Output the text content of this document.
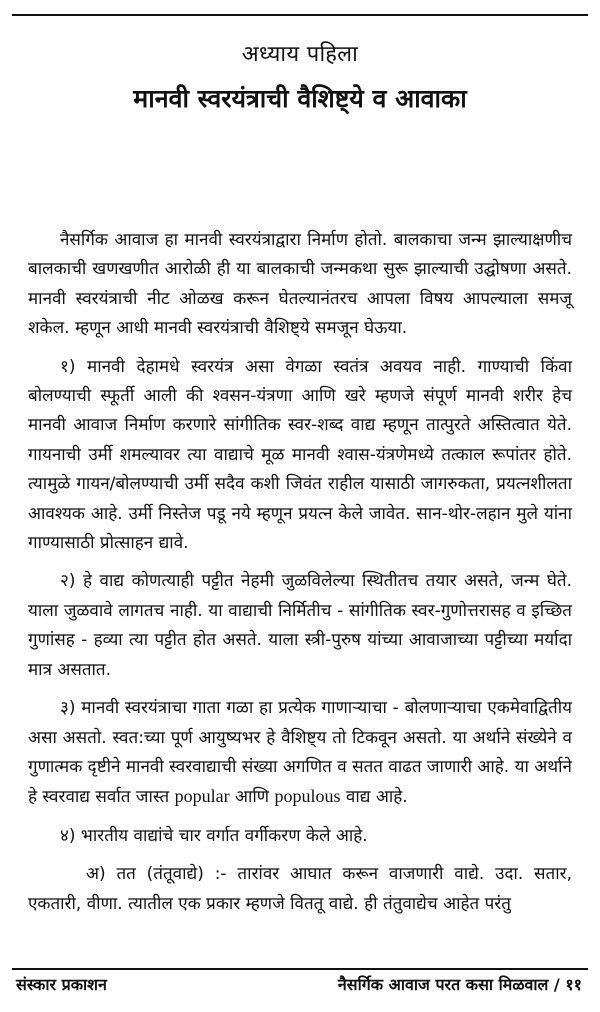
अध्याय पहिला
मानवी स्वरयंत्राची वैशिष्ट्ये व आवाका

नैसर्गिक आवाज हा मानवी स्वरयंत्राद्वारा निर्माण होतो. बालकाचा जन्म झाल्याक्षणीच बालकाची खणखणीत आरोळी ही या बालकाची जन्मकथा सुरू झाल्याची उद्घोषणा असते. मानवी स्वरयंत्राची नीट ओळख करून घेतल्यानंतरच आपला विषय आपल्याला समजू शकेल. म्हणून आधी मानवी स्वरयंत्राची वैशिष्ट्ये समजून घेऊया.

१) मानवी देहामधे स्वरयंत्र असा वेगळा स्वतंत्र अवयव नाही. गाण्याची किंवा बोलण्याची स्फूर्ती आली की श्वसन-यंत्रणा आणि खरे म्हणजे संपूर्ण मानवी शरीर हेच मानवी आवाज निर्माण करणारे सांगीतिक स्वर-शब्द वाद्य म्हणून तात्पुरते अस्तित्वात येते. गायनाची उर्मी शमल्यावर त्या वाद्याचे मूळ मानवी श्वास-यंत्रणेमध्ये तत्काल रूपांतर होते. त्यामुळे गायन/बोलण्याची उर्मी सदैव कशी जिवंत राहील यासाठी जागरुकता, प्रयत्नशीलता आवश्यक आहे. उर्मी निस्तेज पडू नये म्हणून प्रयत्न केले जावेत. सान-थोर-लहान मुले यांना गाण्यासाठी प्रोत्साहन द्यावे.

२) हे वाद्य कोणत्याही पट्टीत नेहमी जुळविलेल्या स्थितीतच तयार असते, जन्म घेते. याला जुळवावे लागतच नाही. या वाद्याची निर्मितीच - सांगीतिक स्वर-गुणोत्तरासह व इच्छित गुणांसह - हव्या त्या पट्टीत होत असते. याला स्त्री-पुरुष यांच्या आवाजाच्या पट्टीच्या मर्यादा मात्र असतात.

३) मानवी स्वरयंत्राचा गाता गळा हा प्रत्येक गाणाऱ्याचा - बोलणाऱ्याचा एकमेवाद्वितीय असा असतो. स्वत:च्या पूर्ण आयुष्यभर हे वैशिष्ट्य तो टिकवून असतो. या अर्थाने संख्येने व गुणात्मक दृष्टीने मानवी स्वरवाद्याची संख्या अगणित व सतत वाढत जाणारी आहे. या अर्थाने हे स्वरवाद्य सर्वात जास्त popular आणि populous वाद्य आहे.

४) भारतीय वाद्यांचे चार वर्गात वर्गीकरण केले आहे.

अ) तत (तंतूवाद्ये) :- तारांवर आघात करून वाजणारी वाद्ये. उदा. सतार, एकतारी, वीणा. त्यातील एक प्रकार म्हणजे विततू वाद्ये. ही तंतुवाद्येच आहेत परंतु

संस्कार प्रकाशन	नैसर्गिक आवाज परत कसा मिळवाल / ११
